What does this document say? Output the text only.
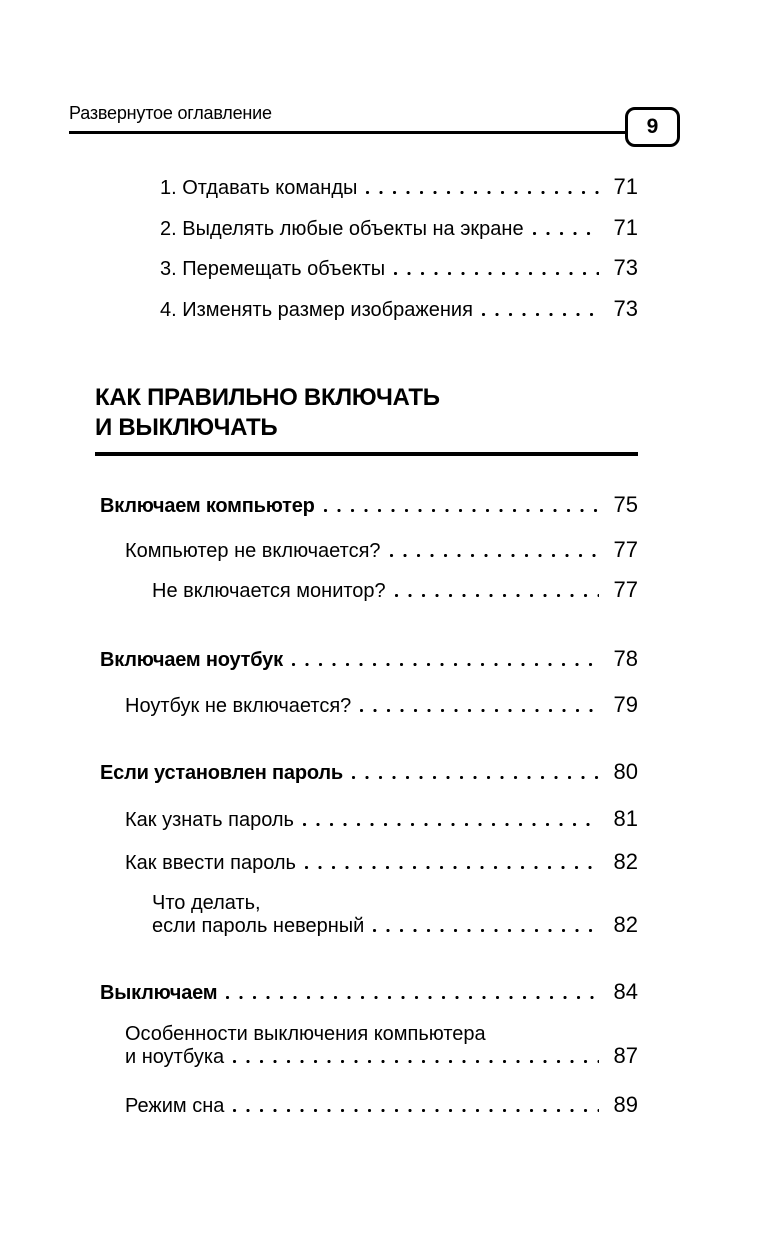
Развернутое оглавление
9
1. Отдавать команды	71
2. Выделять любые объекты на экране	71
3. Перемещать объекты	73
4. Изменять размер изображения	73
КАК ПРАВИЛЬНО ВКЛЮЧАТЬ
И ВЫКЛЮЧАТЬ
Включаем компьютер	75
Компьютер не включается?	77
Не включается монитор?	77
Включаем ноутбук	78
Ноутбук не включается?	79
Если установлен пароль	80
Как узнать пароль	81
Как ввести пароль	82
Что делать,
если пароль неверный	82
Выключаем	84
Особенности выключения компьютера
и ноутбука	87
Режим сна	89
